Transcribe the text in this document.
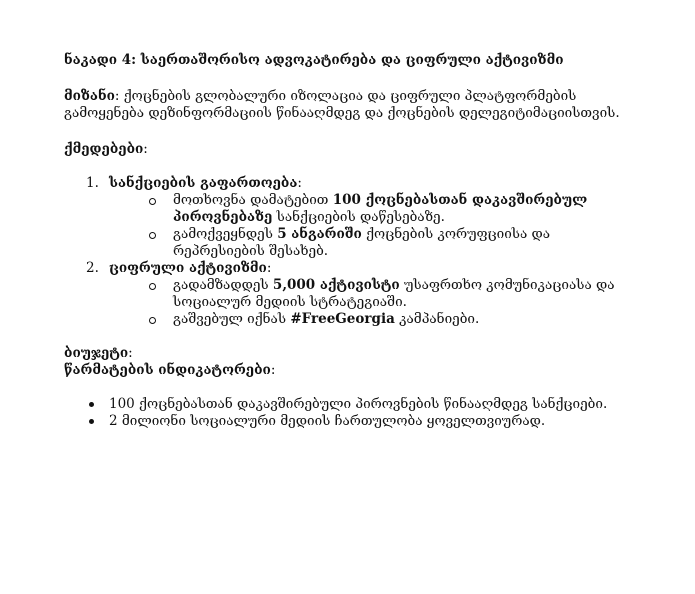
ნაკადი 4: საერთაშორისო ადვოკატირება და ციფრული აქტივიზმი

მიზანი: ქოცნების გლობალური იზოლაცია და ციფრული პლატფორმების გამოყენება დეზინფორმაციის წინააღმდეგ და ქოცნების დელეგიტიმაციისთვის.

ქმედებები:

1. სანქციების გაფართოება:
მოთხოვნა დამატებით 100 ქოცნებასთან დაკავშირებულ პიროვნებაზე სანქციების დაწესებაზე.
გამოქვეყნდეს 5 ანგარიში ქოცნების კორუფციისა და რეპრესიების შესახებ.
2. ციფრული აქტივიზმი:
გადამზადდეს 5,000 აქტივისტი უსაფრთხო კომუნიკაციასა და სოციალურ მედიის სტრატეგიაში.
გაშვებულ იქნას #FreeGeorgia კამპანიები.

ბიუჯეტი:

წარმატების ინდიკატორები:

100 ქოცნებასთან დაკავშირებული პიროვნების წინააღმდეგ სანქციები.
2 მილიონი სოციალური მედიის ჩართულობა ყოველთვიურად.
